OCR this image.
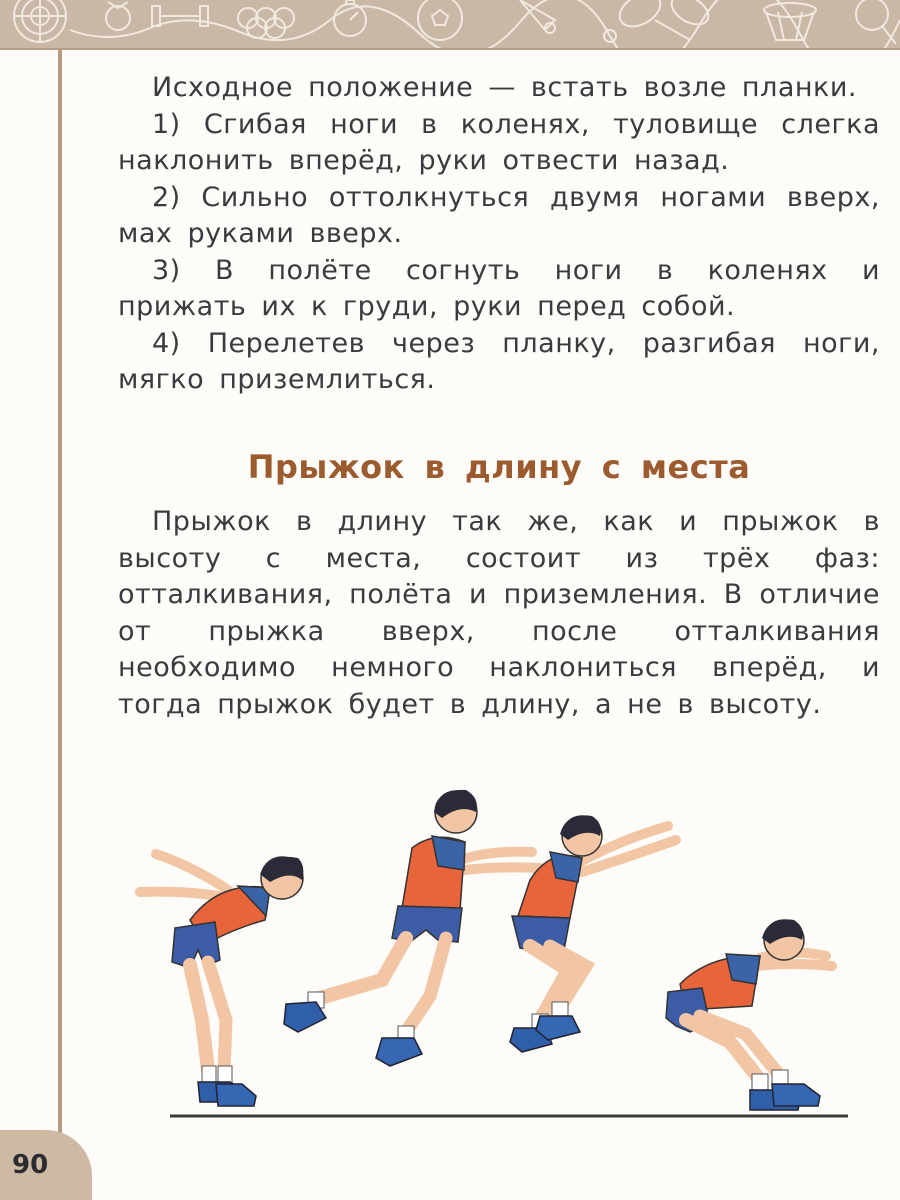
90

Исходное положение — встать возле планки.

1) Сгибая ноги в коленях, туловище слегка наклонить вперёд, руки отвести назад.

2) Сильно оттолкнуться двумя ногами вверх, мах руками вверх.

3) В полёте согнуть ноги в коленях и прижать их к груди, руки перед собой.

4) Перелетев через планку, разгибая ноги, мягко приземлиться.

Прыжок в длину с места

Прыжок в длину так же, как и прыжок в высоту с места, состоит из трёх фаз: отталкивания, полёта и приземления. В отличие от прыжка вверх, после отталкивания необходимо немного наклониться вперёд, и тогда прыжок будет в длину, а не в высоту.
